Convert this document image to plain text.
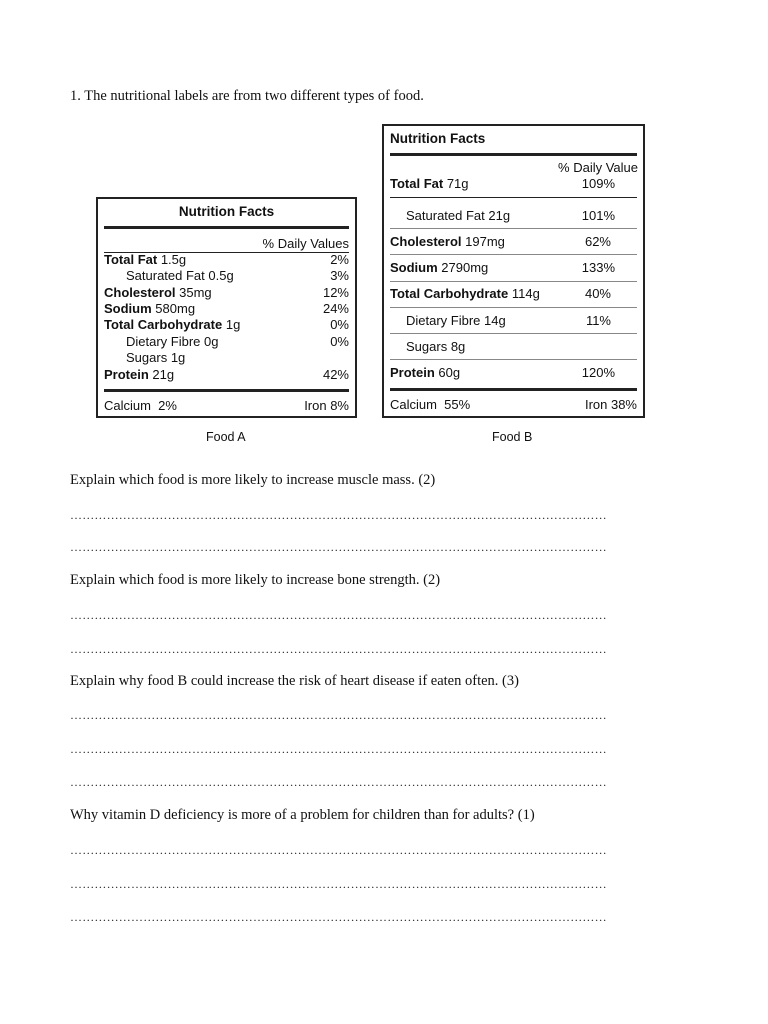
1. The nutritional labels are from two different types of food.
Nutrition Facts
% Daily Values
Total Fat 1.5g	2%
Saturated Fat 0.5g	3%
Cholesterol 35mg	12%
Sodium 580mg	24%
Total Carbohydrate 1g	0%
Dietary Fibre 0g	0%
Sugars 1g
Protein 21g	42%
Calcium  2%	Iron 8%
Food A
Nutrition Facts
% Daily Value
Total Fat 71g	109%
Saturated Fat 21g	101%
Cholesterol 197mg	62%
Sodium 2790mg	133%
Total Carbohydrate 114g	40%
Dietary Fibre 14g	11%
Sugars 8g
Protein 60g	120%
Calcium  55%	Iron 38%
Food B
Explain which food is more likely to increase muscle mass. (2)
……………………………………………………………………………………………………………………
……………………………………………………………………………………………………………………
Explain which food is more likely to increase bone strength. (2)
……………………………………………………………………………………………………………………
……………………………………………………………………………………………………………………
Explain why food B could increase the risk of heart disease if eaten often. (3)
……………………………………………………………………………………………………………………
……………………………………………………………………………………………………………………
……………………………………………………………………………………………………………………
Why vitamin D deficiency is more of a problem for children than for adults? (1)
……………………………………………………………………………………………………………………
……………………………………………………………………………………………………………………
……………………………………………………………………………………………………………………
